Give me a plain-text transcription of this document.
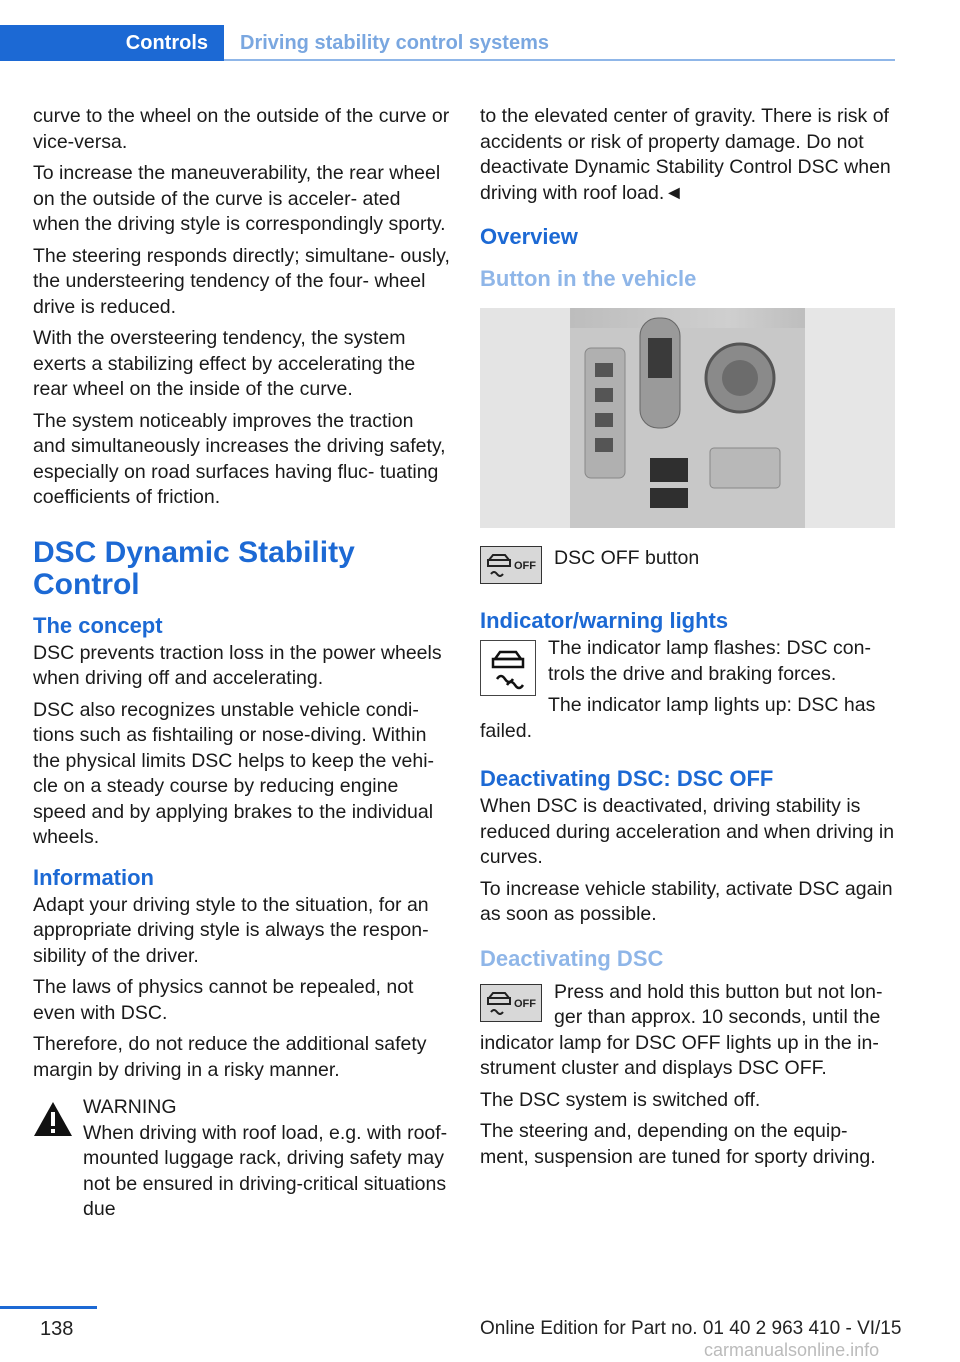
Controls	Driving stability control systems

curve to the wheel on the outside of the curve or vice-versa.

To increase the maneuverability, the rear wheel on the outside of the curve is acceler- ated when the driving style is correspondingly sporty.

The steering responds directly; simultane- ously, the understeering tendency of the four- wheel drive is reduced.

With the oversteering tendency, the system exerts a stabilizing effect by accelerating the rear wheel on the inside of the curve.

The system noticeably improves the traction and simultaneously increases the driving safety, especially on road surfaces having fluc- tuating coefficients of friction.

DSC Dynamic Stability Control
The concept

DSC prevents traction loss in the power wheels when driving off and accelerating.

DSC also recognizes unstable vehicle condi- tions such as fishtailing or nose-diving. Within the physical limits DSC helps to keep the vehi- cle on a steady course by reducing engine speed and by applying brakes to the individual wheels.

Information

Adapt your driving style to the situation, for an appropriate driving style is always the respon- sibility of the driver.

The laws of physics cannot be repealed, not even with DSC.

Therefore, do not reduce the additional safety margin by driving in a risky manner.

WARNING
When driving with roof load, e.g. with roof-mounted luggage rack, driving safety may not be ensured in driving-critical situations due

to the elevated center of gravity. There is risk of accidents or risk of property damage. Do not deactivate Dynamic Stability Control DSC when driving with roof load.◄

Overview
Button in the vehicle
OFF DSC OFF button
Indicator/warning lights

The indicator lamp flashes: DSC con- trols the drive and braking forces.

The indicator lamp lights up: DSC has failed.

Deactivating DSC: DSC OFF

When DSC is deactivated, driving stability is reduced during acceleration and when driving in curves.

To increase vehicle stability, activate DSC again as soon as possible.

Deactivating DSC
OFF

Press and hold this button but not lon- ger than approx. 10 seconds, until the indicator lamp for DSC OFF lights up in the in- strument cluster and displays DSC OFF.

The DSC system is switched off.

The steering and, depending on the equip- ment, suspension are tuned for sporty driving.

138	Online Edition for Part no. 01 40 2 963 410 - VI/15
carmanualsonline.info
